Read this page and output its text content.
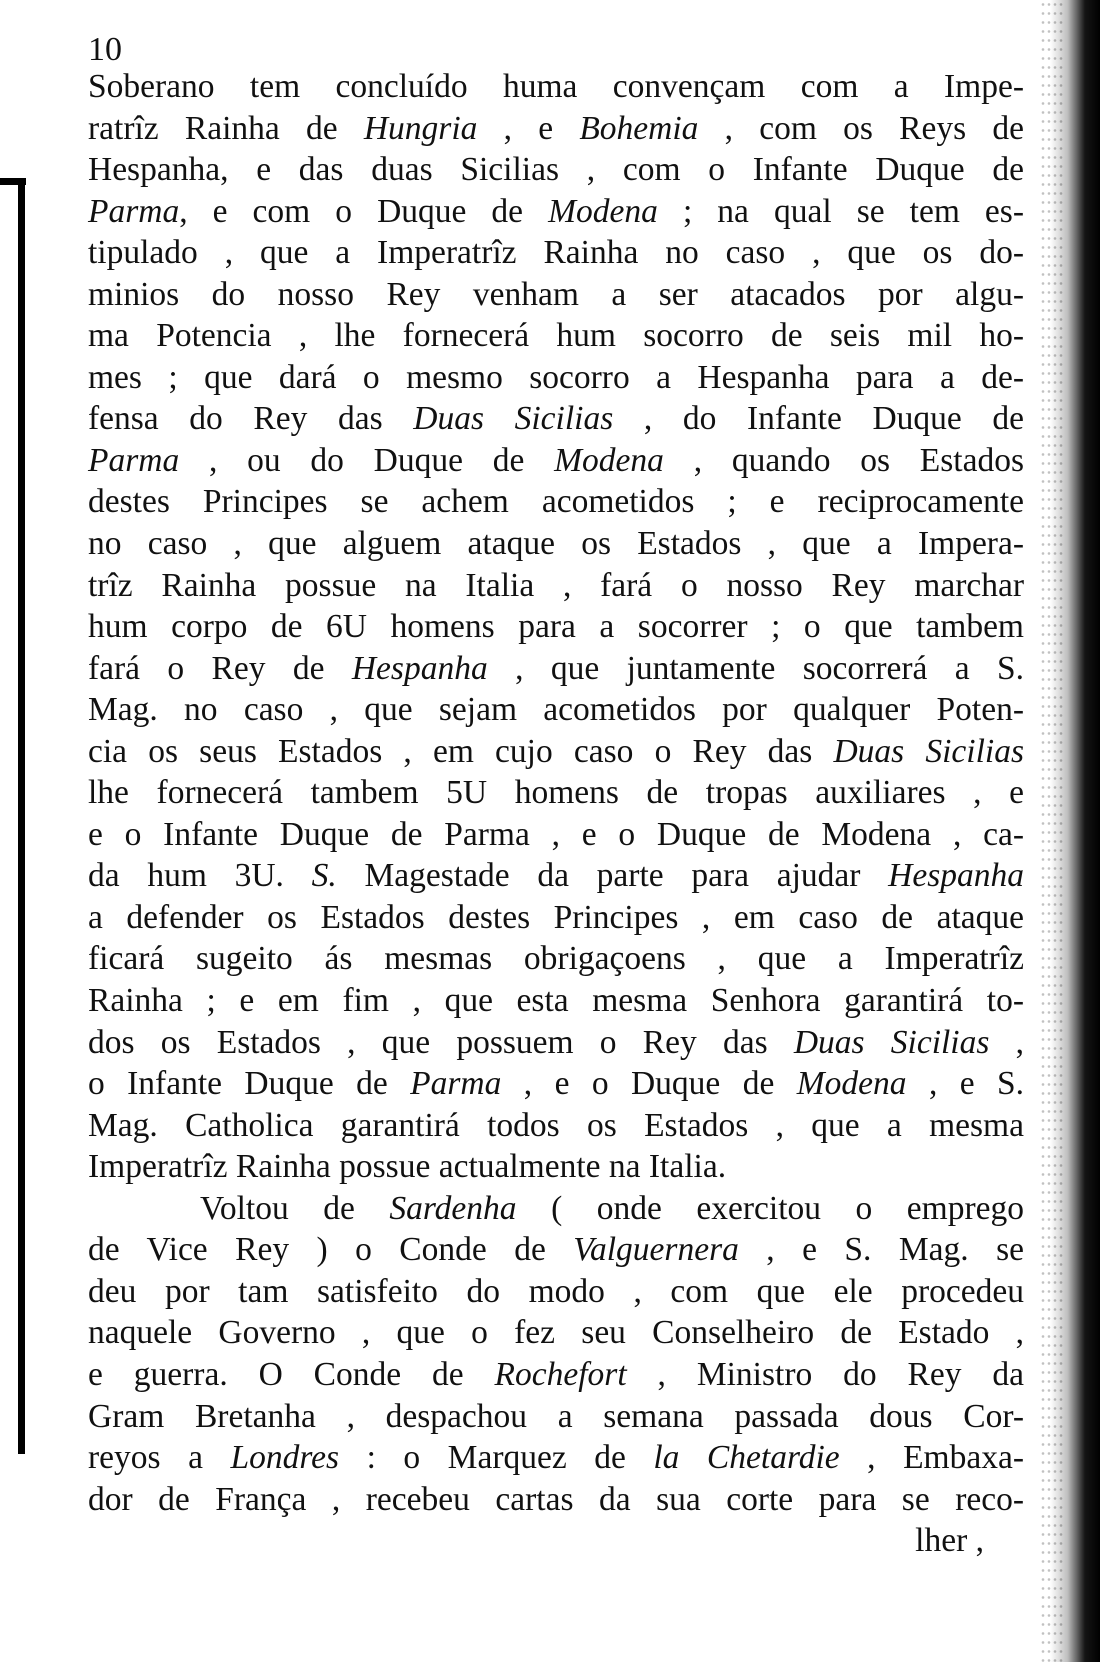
10
Soberano tem concluído huma convençam com a Impe-
ratrîz Rainha de Hungria , e Bohemia , com os Reys de
Hespanha, e das duas Sicilias , com o Infante Duque de
Parma, e com o Duque de Modena ; na qual se tem es-
tipulado , que a Imperatrîz Rainha no caso , que os do-
minios do nosso Rey venham a ser atacados por algu-
ma Potencia , lhe fornecerá hum socorro de seis mil ho-
mes ; que dará o mesmo socorro a Hespanha para a de-
fensa do Rey das Duas Sicilias , do Infante Duque de
Parma , ou do Duque de Modena , quando os Estados
destes Principes se achem acometidos ; e reciprocamente
no caso , que alguem ataque os Estados , que a Impera-
trîz Rainha possue na Italia , fará o nosso Rey marchar
hum corpo de 6U homens para a socorrer ; o que tambem
fará o Rey de Hespanha , que juntamente socorrerá a S.
Mag. no caso , que sejam acometidos por qualquer Poten-
cia os seus Estados , em cujo caso o Rey das Duas Sicilias
lhe fornecerá tambem 5U homens de tropas auxiliares , e
e o Infante Duque de Parma , e o Duque de Modena , ca-
da hum 3U. S. Magestade da parte para ajudar Hespanha
a defender os Estados destes Principes , em caso de ataque
ficará sugeito ás mesmas obrigaçoens , que a Imperatrîz
Rainha ; e em fim , que esta mesma Senhora garantirá to-
dos os Estados , que possuem o Rey das Duas Sicilias ,
o Infante Duque de Parma , e o Duque de Modena , e S.
Mag. Catholica garantirá todos os Estados , que a mesma
Imperatrîz Rainha possue actualmente na Italia.
Voltou de Sardenha ( onde exercitou o emprego
de Vice Rey ) o Conde de Valguernera , e S. Mag. se
deu por tam satisfeito do modo , com que ele procedeu
naquele Governo , que o fez seu Conselheiro de Estado ,
e guerra. O Conde de Rochefort , Ministro do Rey da
Gram Bretanha , despachou a semana passada dous Cor-
reyos a Londres : o Marquez de la Chetardie , Embaxa-
dor de França , recebeu cartas da sua corte para se reco-
lher ,
